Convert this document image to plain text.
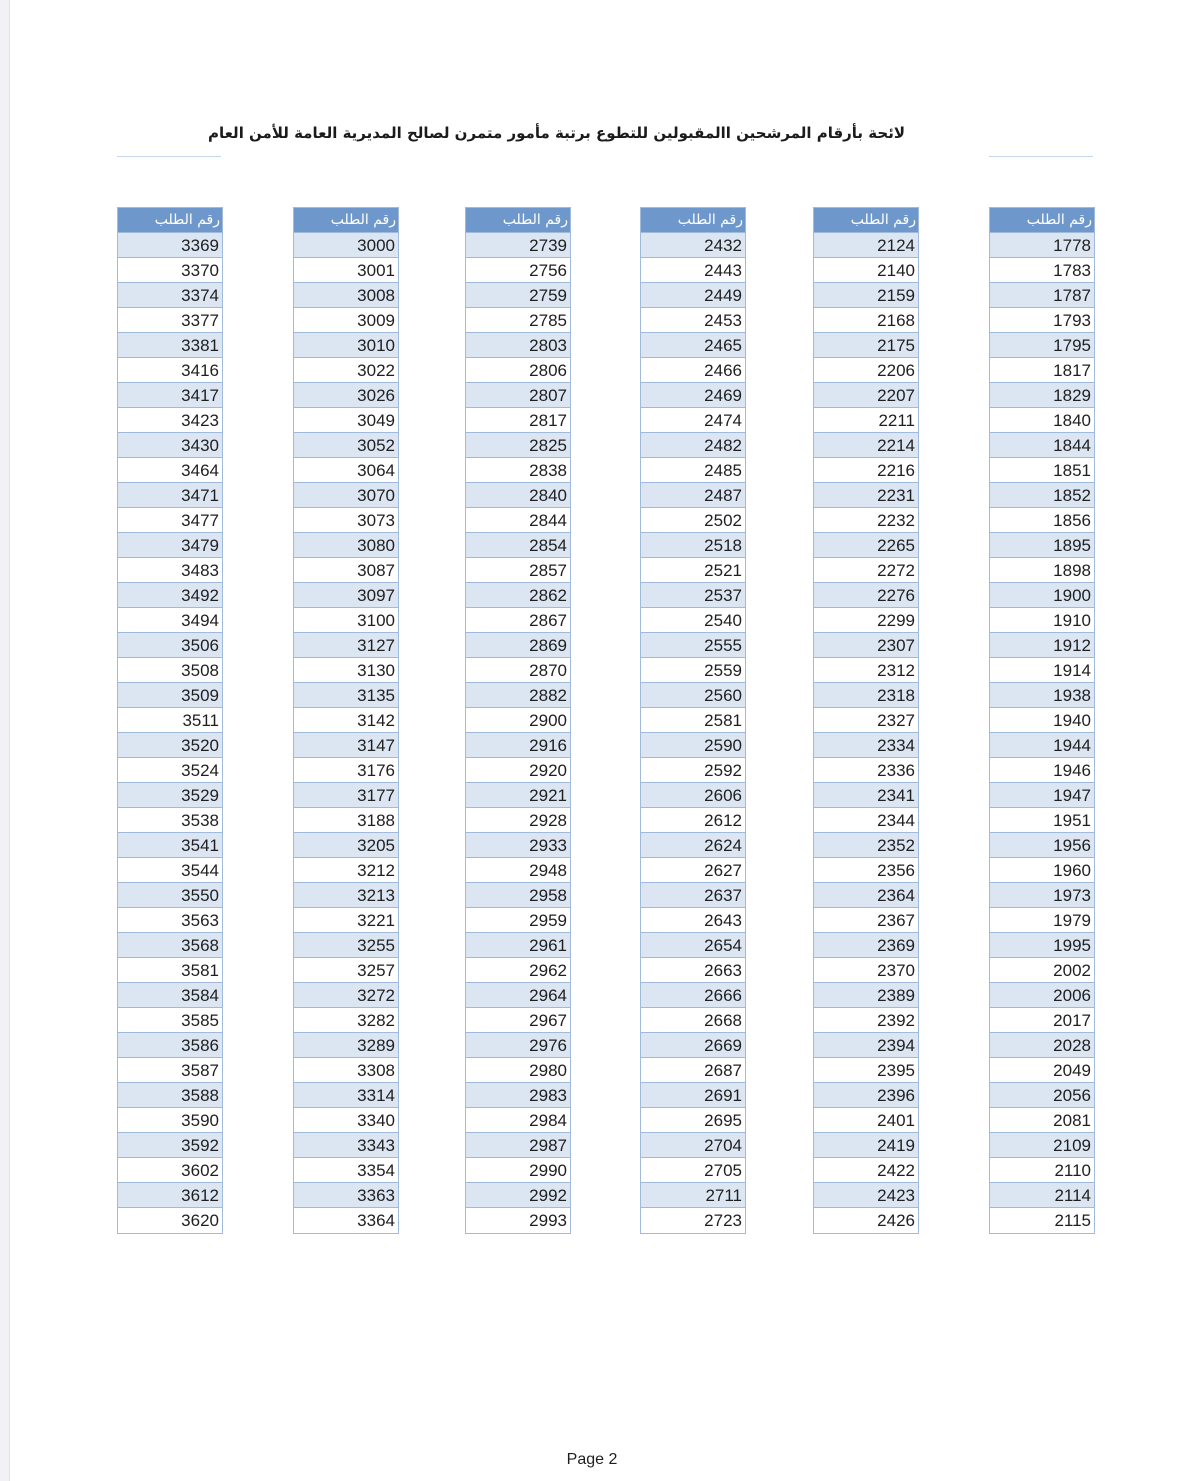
لائحة بأرقام المرشحين االمقبولين للتطوع برتبة مأمور متمرن لصالح المديرية العامة للأمن العام
رقم الطلب
3369
3370
3374
3377
3381
3416
3417
3423
3430
3464
3471
3477
3479
3483
3492
3494
3506
3508
3509
3511
3520
3524
3529
3538
3541
3544
3550
3563
3568
3581
3584
3585
3586
3587
3588
3590
3592
3602
3612
3620
رقم الطلب
3000
3001
3008
3009
3010
3022
3026
3049
3052
3064
3070
3073
3080
3087
3097
3100
3127
3130
3135
3142
3147
3176
3177
3188
3205
3212
3213
3221
3255
3257
3272
3282
3289
3308
3314
3340
3343
3354
3363
3364
رقم الطلب
2739
2756
2759
2785
2803
2806
2807
2817
2825
2838
2840
2844
2854
2857
2862
2867
2869
2870
2882
2900
2916
2920
2921
2928
2933
2948
2958
2959
2961
2962
2964
2967
2976
2980
2983
2984
2987
2990
2992
2993
رقم الطلب
2432
2443
2449
2453
2465
2466
2469
2474
2482
2485
2487
2502
2518
2521
2537
2540
2555
2559
2560
2581
2590
2592
2606
2612
2624
2627
2637
2643
2654
2663
2666
2668
2669
2687
2691
2695
2704
2705
2711
2723
رقم الطلب
2124
2140
2159
2168
2175
2206
2207
2211
2214
2216
2231
2232
2265
2272
2276
2299
2307
2312
2318
2327
2334
2336
2341
2344
2352
2356
2364
2367
2369
2370
2389
2392
2394
2395
2396
2401
2419
2422
2423
2426
رقم الطلب
1778
1783
1787
1793
1795
1817
1829
1840
1844
1851
1852
1856
1895
1898
1900
1910
1912
1914
1938
1940
1944
1946
1947
1951
1956
1960
1973
1979
1995
2002
2006
2017
2028
2049
2056
2081
2109
2110
2114
2115
Page 2
